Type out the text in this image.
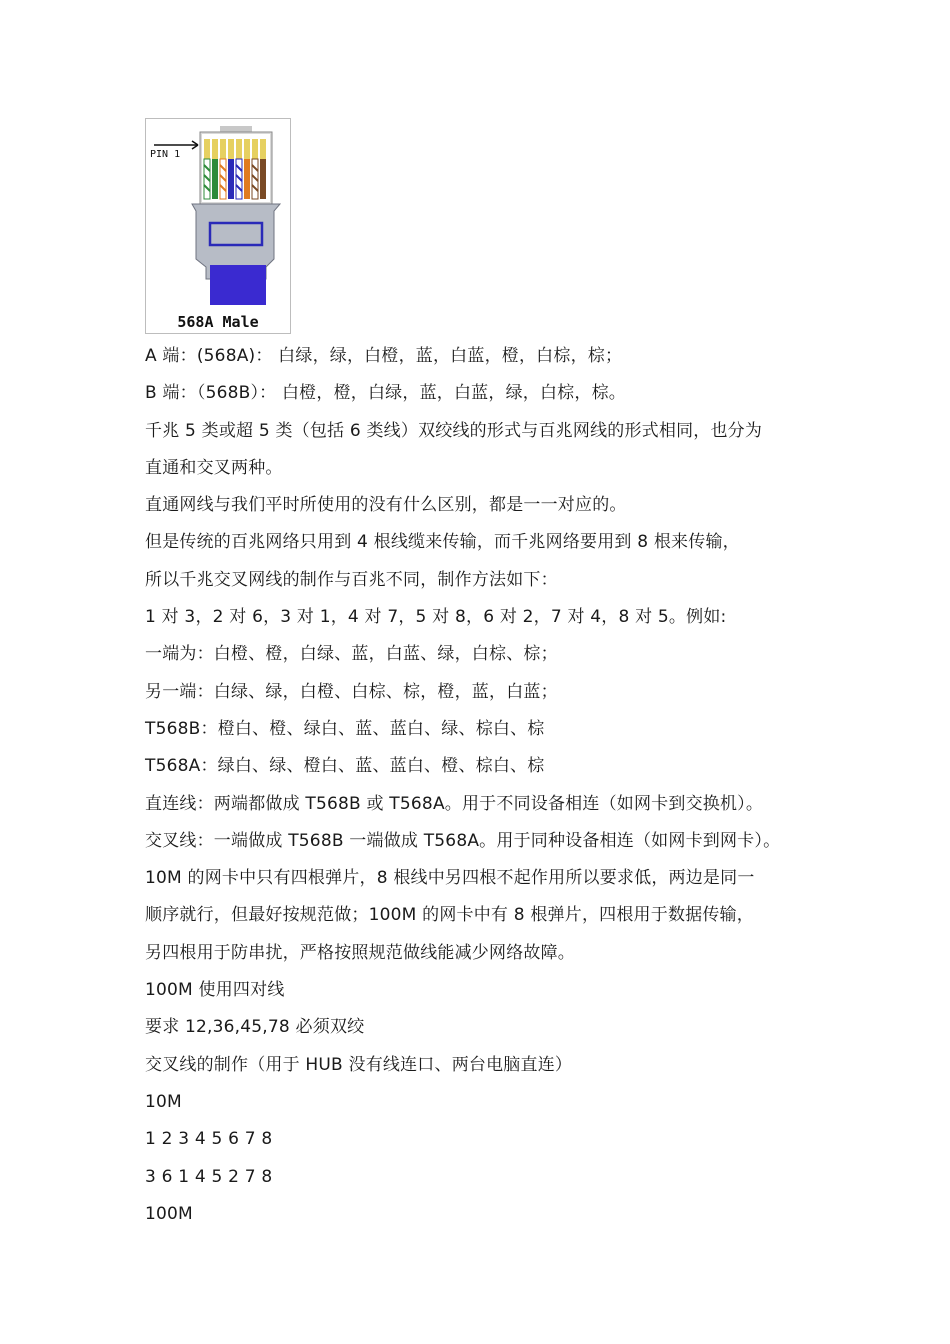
PIN 1
568A Male
A 端：(568A)： 白绿，绿，白橙，蓝，白蓝，橙，白棕，棕；
B 端：（568B）： 白橙，橙，白绿，蓝，白蓝，绿，白棕，棕。
千兆 5 类或超 5 类（包括 6 类线）双绞线的形式与百兆网线的形式相同，也分为
直通和交叉两种。
直通网线与我们平时所使用的没有什么区别，都是一一对应的。
但是传统的百兆网络只用到 4 根线缆来传输，而千兆网络要用到 8 根来传输，
所以千兆交叉网线的制作与百兆不同，制作方法如下：
1 对 3，2 对 6，3 对 1，4 对 7，5 对 8，6 对 2，7 对 4，8 对 5。例如:
一端为：白橙、橙，白绿、蓝，白蓝、绿，白棕、棕；
另一端：白绿、绿，白橙、白棕、棕，橙，蓝，白蓝；
T568B：橙白、橙、绿白、蓝、蓝白、绿、棕白、棕
T568A：绿白、绿、橙白、蓝、蓝白、橙、棕白、棕
直连线：两端都做成 T568B 或 T568A。用于不同设备相连（如网卡到交换机）。
交叉线：一端做成 T568B 一端做成 T568A。用于同种设备相连（如网卡到网卡）。
10M 的网卡中只有四根弹片，8 根线中另四根不起作用所以要求低，两边是同一
顺序就行，但最好按规范做；100M 的网卡中有 8 根弹片，四根用于数据传输，
另四根用于防串扰，严格按照规范做线能减少网络故障。
100M 使用四对线
要求 12,36,45,78 必须双绞
交叉线的制作（用于 HUB 没有线连口、两台电脑直连）
10M
1 2 3 4 5 6 7 8
3 6 1 4 5 2 7 8
100M
